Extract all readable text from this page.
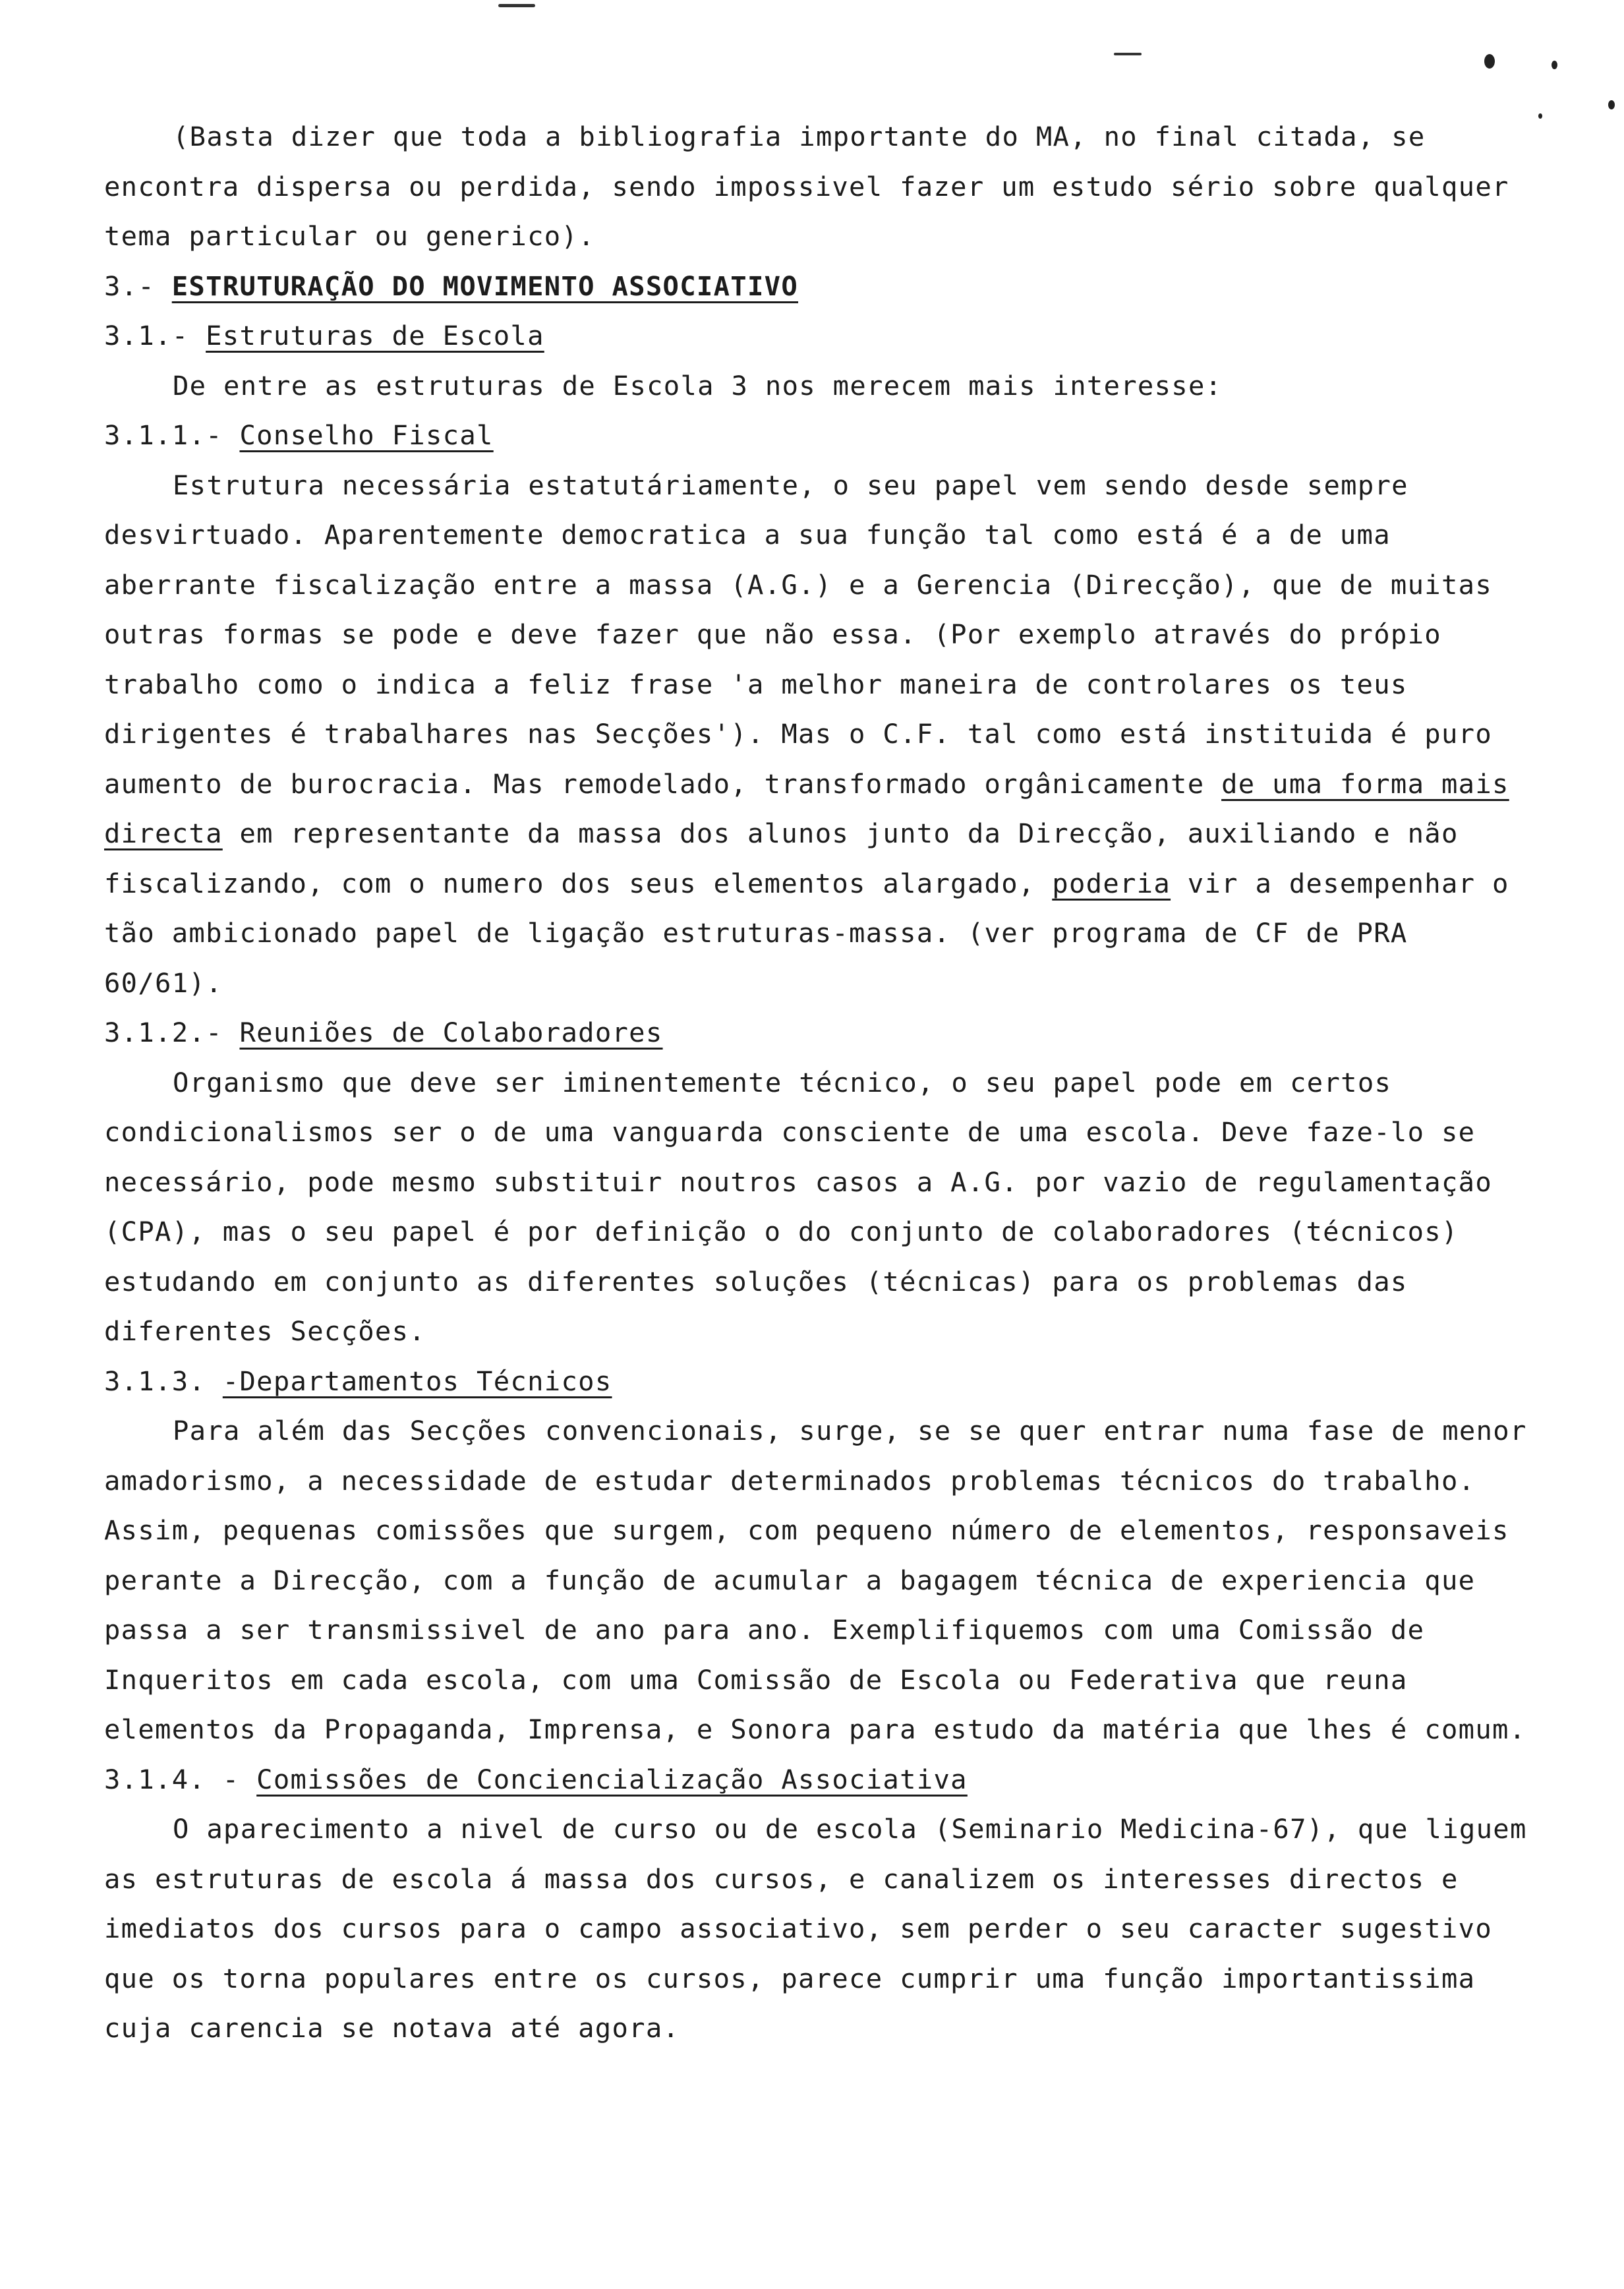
(Basta dizer que toda a bibliografia importante do MA, no final citada, se encontra dispersa ou perdida, sendo impossivel fazer um estudo sério sobre qualquer tema particular ou generico).

3.- ESTRUTURAÇÃO DO MOVIMENTO ASSOCIATIVO

3.1.- Estruturas de Escola

De entre as estruturas de Escola 3 nos merecem mais interesse:

3.1.1.- Conselho Fiscal

Estrutura necessária estatutáriamente, o seu papel vem sendo desde sempre desvirtuado. Aparentemente democratica a sua função tal como está é a de uma aberrante fiscalização entre a massa (A.G.) e a Gerencia (Direcção), que de muitas outras formas se pode e deve fazer que não essa. (Por exemplo através do própio trabalho como o indica a feliz frase 'a melhor maneira de controlares os teus dirigentes é trabalhares nas Secções'). Mas o C.F. tal como está instituida é puro aumento de burocracia. Mas remodelado, transformado orgânicamente de uma forma mais directa em representante da massa dos alunos junto da Direcção, auxiliando e não fiscalizando, com o numero dos seus elementos alargado, poderia vir a desempenhar o tão ambicionado papel de ligação estruturas-massa. (ver programa de CF de PRA 60/61).

3.1.2.- Reuniões de Colaboradores

Organismo que deve ser iminentemente técnico, o seu papel pode em certos condicionalismos ser o de uma vanguarda consciente de uma escola. Deve faze-lo se necessário, pode mesmo substituir noutros casos a A.G. por vazio de regulamentação (CPA), mas o seu papel é por definição o do conjunto de colaboradores (técnicos) estudando em conjunto as diferentes soluções (técnicas) para os problemas das diferentes Secções.

3.1.3. -Departamentos Técnicos

Para além das Secções convencionais, surge, se se quer entrar numa fase de menor amadorismo, a necessidade de estudar determinados problemas técnicos do trabalho. Assim, pequenas comissões que surgem, com pequeno número de elementos, responsaveis perante a Direcção, com a função de acumular a bagagem técnica de experiencia que passa a ser transmissivel de ano para ano. Exemplifiquemos com uma Comissão de Inqueritos em cada escola, com uma Comissão de Escola ou Federativa que reuna elementos da Propaganda, Imprensa, e Sonora para estudo da matéria que lhes é comum.

3.1.4. - Comissões de Conciencialização Associativa

O aparecimento a nivel de curso ou de escola (Seminario Medicina-67), que liguem as estruturas de escola á massa dos cursos, e canalizem os interesses directos e imediatos dos cursos para o campo associativo, sem perder o seu caracter sugestivo que os torna populares entre os cursos, parece cumprir uma função importantissima cuja carencia se notava até agora.
